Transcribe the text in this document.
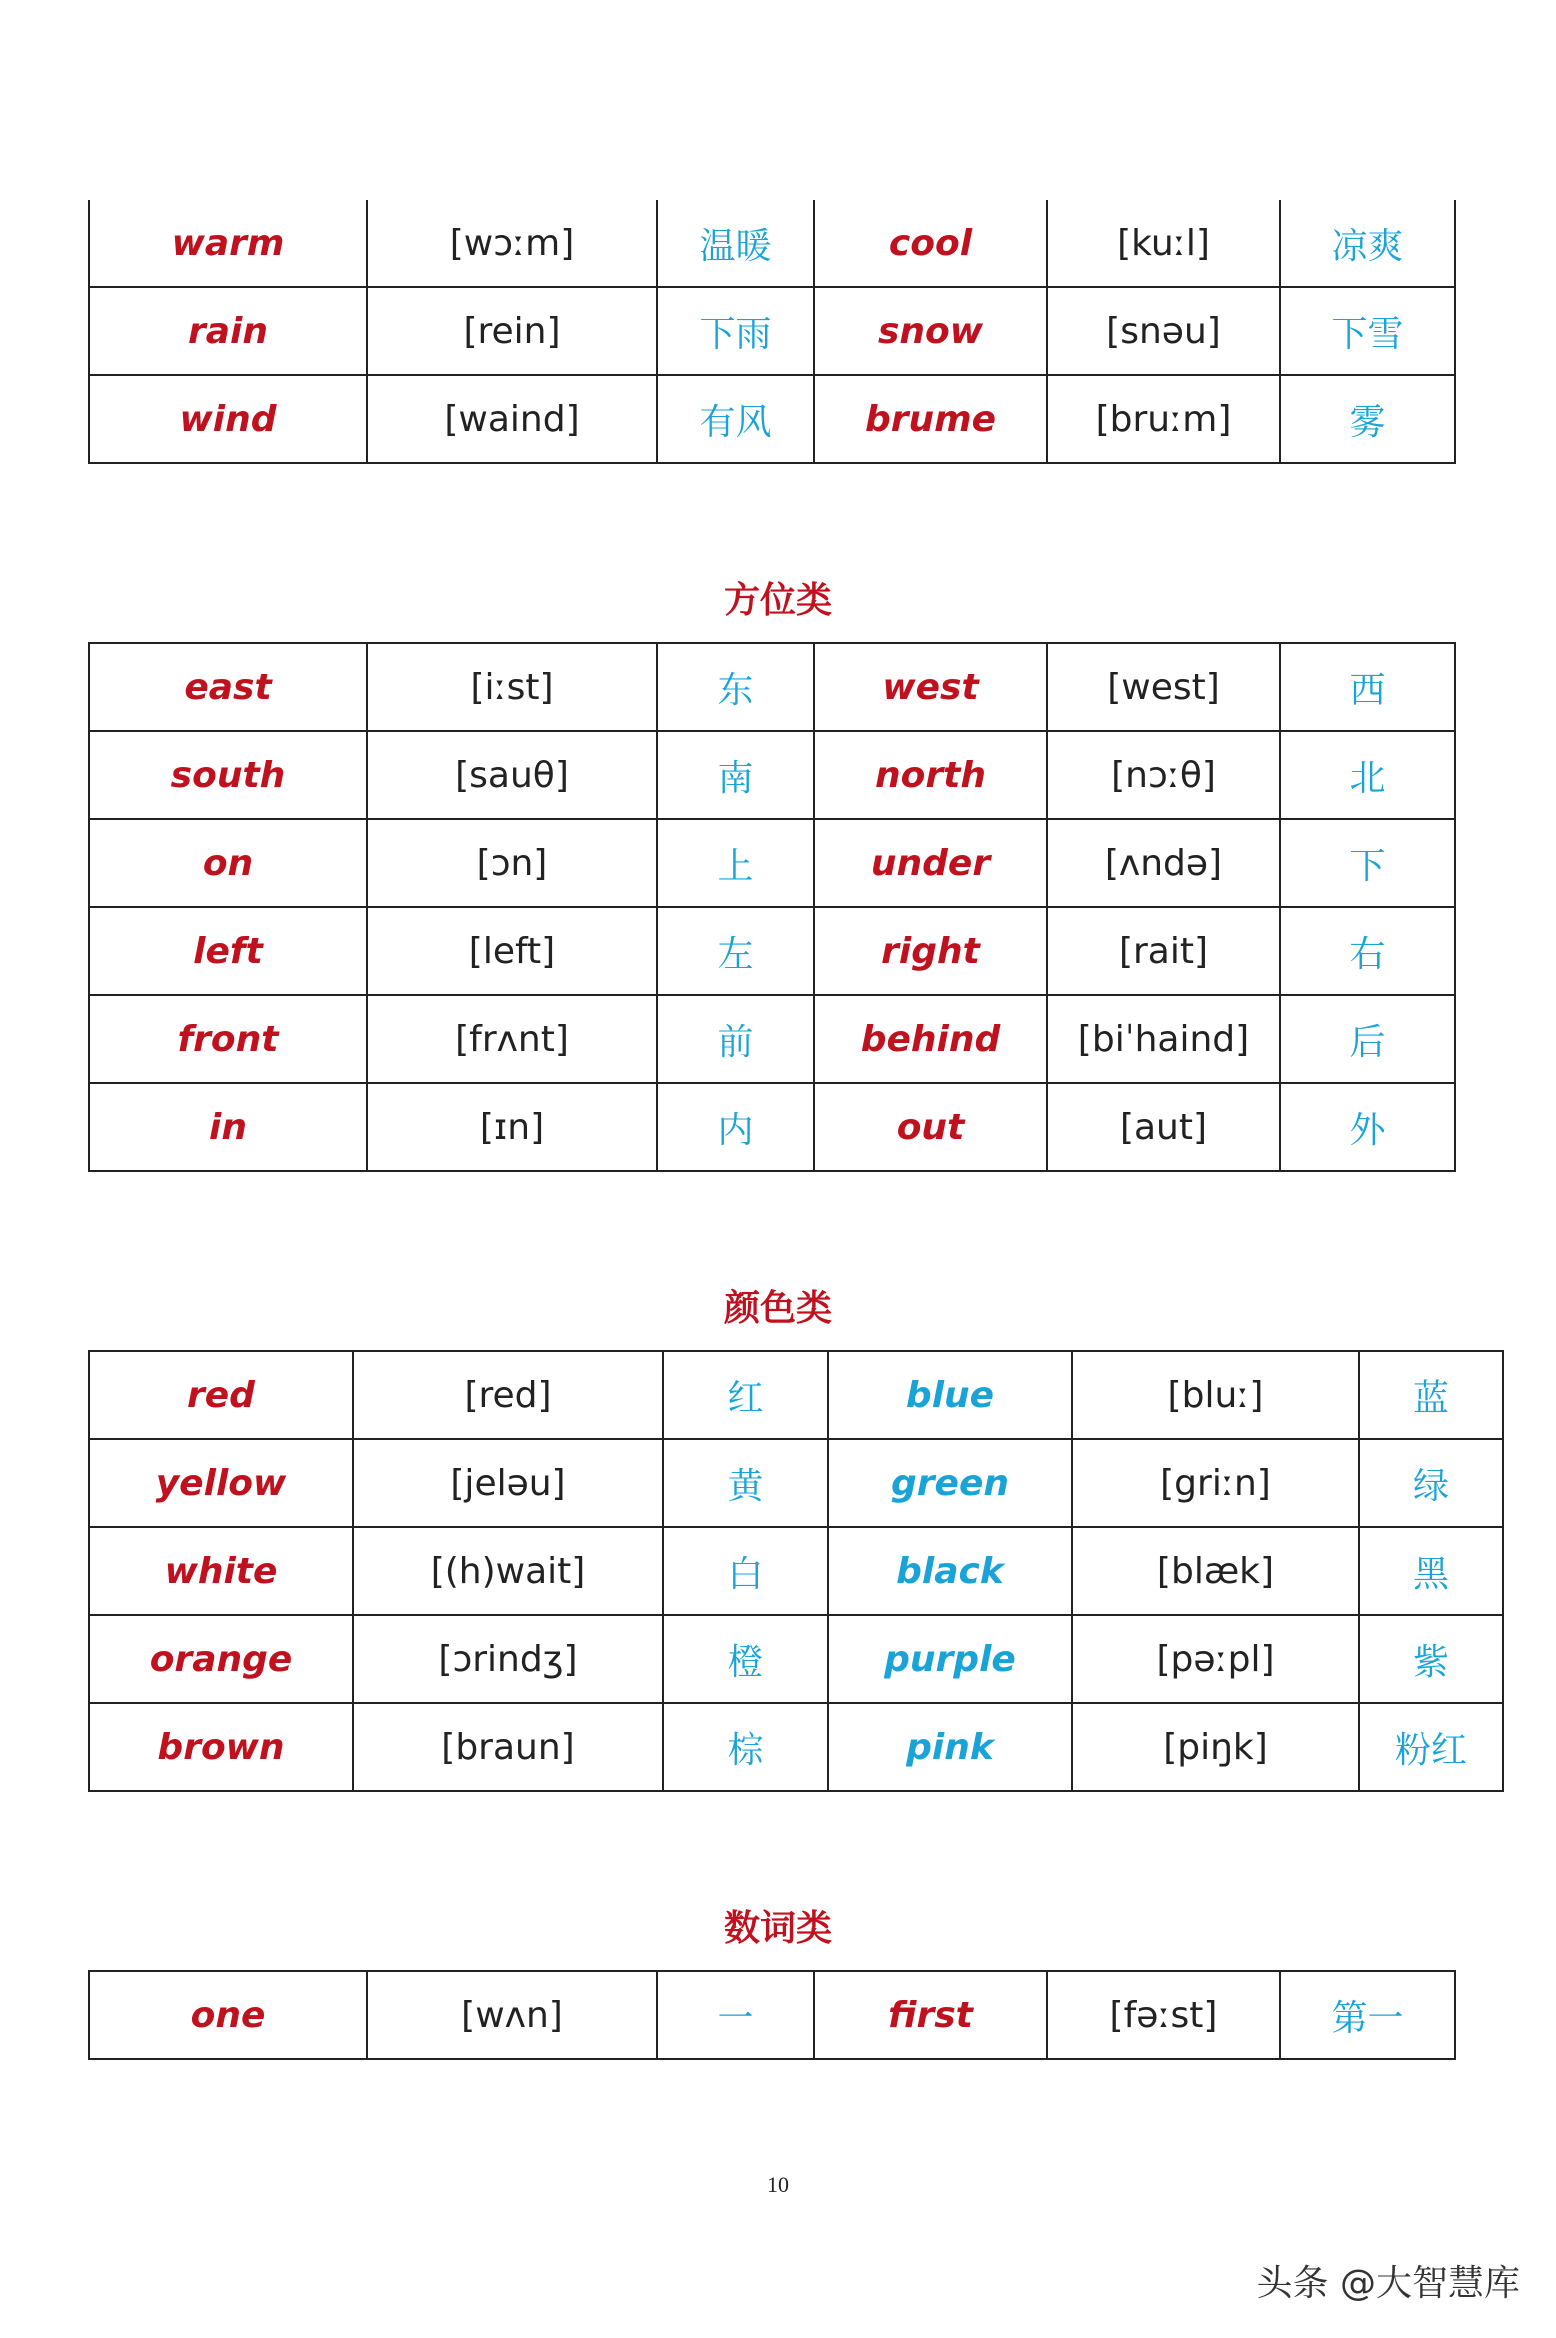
warm	[wɔːm]	温暖	cool	[kuːl]	凉爽
rain	[rein]	下雨	snow	[snəu]	下雪
wind	[waind]	有风	brume	[bruːm]	雾
方位类
east	[iːst]	东	west	[west]	西
south	[sauθ]	南	north	[nɔːθ]	北
on	[ɔn]	上	under	[ʌndə]	下
left	[left]	左	right	[rait]	右
front	[frʌnt]	前	behind	[biˈhaind]	后
in	[ɪn]	内	out	[aut]	外
颜色类
red	[red]	红	blue	[bluː]	蓝
yellow	[jeləu]	黄	green	[griːn]	绿
white	[(h)wait]	白	black	[blæk]	黑
orange	[ɔrindʒ]	橙	purple	[pəːpl]	紫
brown	[braun]	棕	pink	[piŋk]	粉红
数词类
one	[wʌn]	一	first	[fəːst]	第一
10
头条 @大智慧库
